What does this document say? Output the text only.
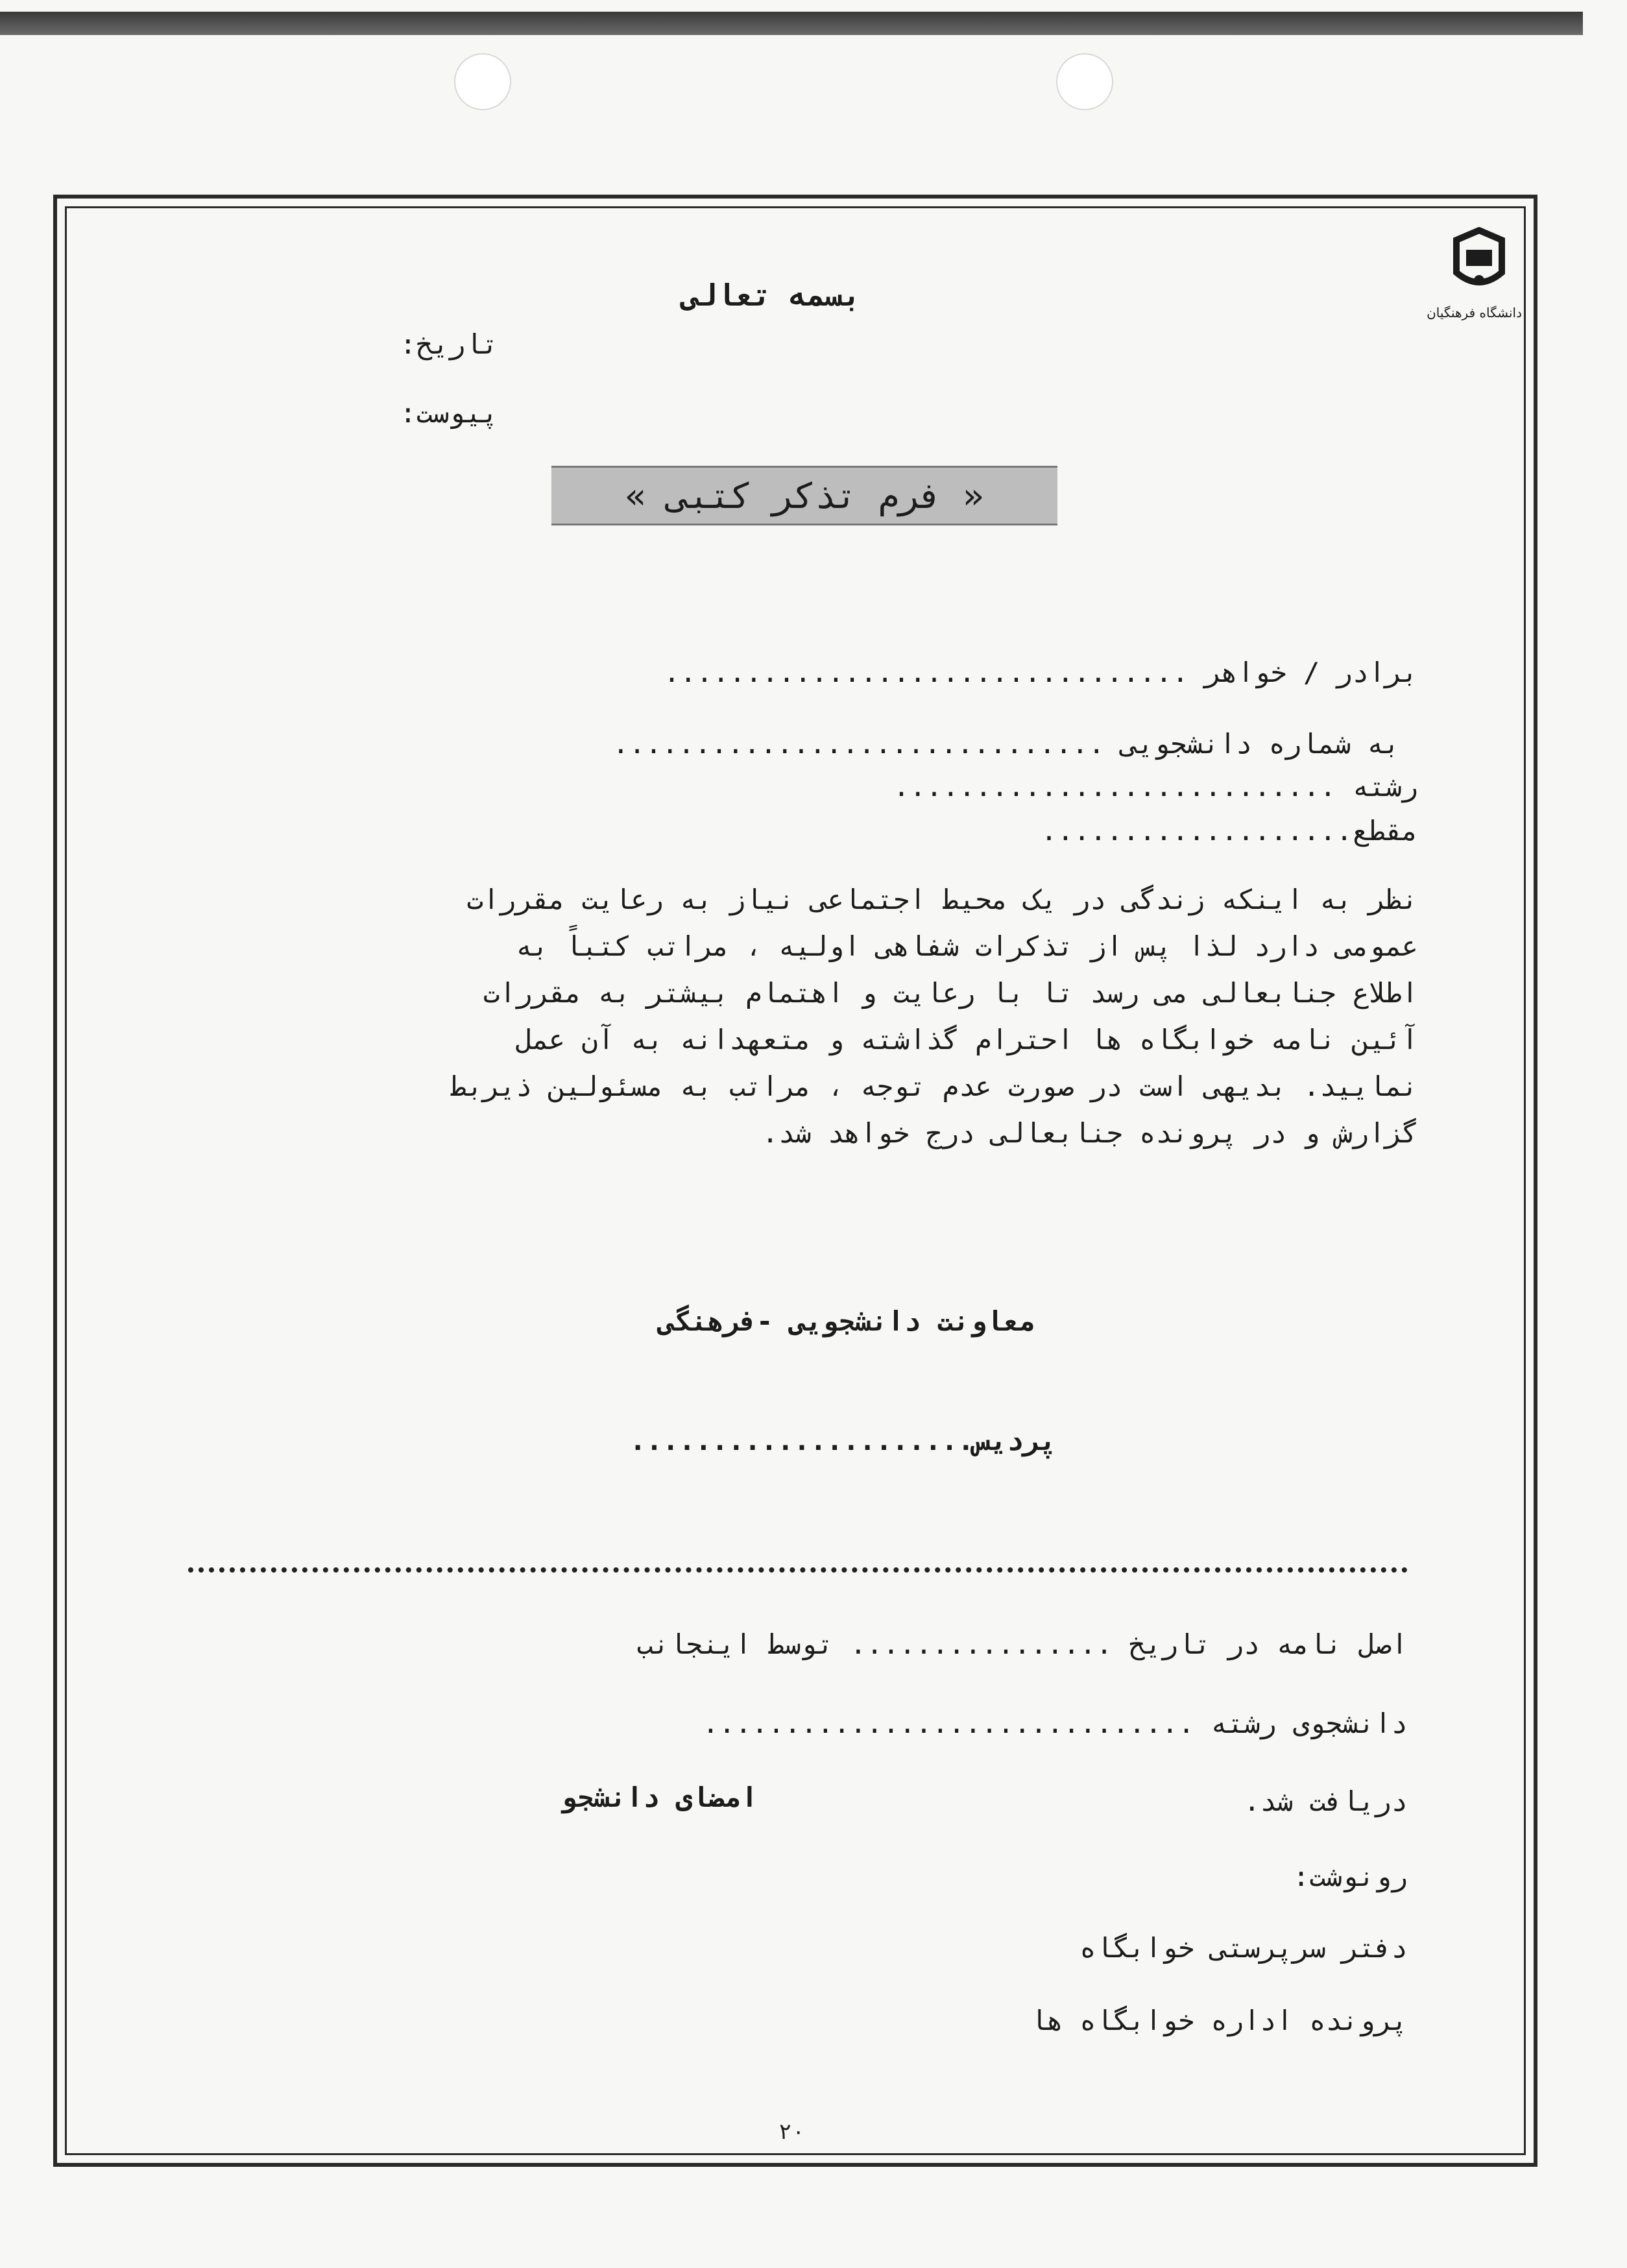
دانشگاه فرهنگیان
بسمه تعالی
تاریخ:
پیوست:
« فرم تذکر کتبی »
برادر / خواهر ................................
به شماره دانشجویی ..............................
رشته ...........................
مقطع...................
نظر به اینکه زندگی در یک محیط اجتماعی نیاز به رعایت مقررات
عمومی دارد لذا پس از تذکرات شفاهی اولیه ، مراتب کتباً به
اطلاع جنابعالی می رسد تا با رعایت و اهتمام بیشتر به مقررات
آئین نامه خوابگاه ها احترام گذاشته و متعهدانه به آن عمل
نمایید. بدیهی است در صورت عدم توجه ، مراتب به مسئولین ذیربط
گزارش و در پرونده جنابعالی درج خواهد شد.
معاونت دانشجویی -فرهنگی
پردیس.....................
اصل نامه در تاریخ ................ توسط اینجانب
دانشجوی رشته ..............................
دریافت شد.
امضای دانشجو
رونوشت:
دفتر سرپرستی خوابگاه
پرونده اداره خوابگاه ها
۲۰
